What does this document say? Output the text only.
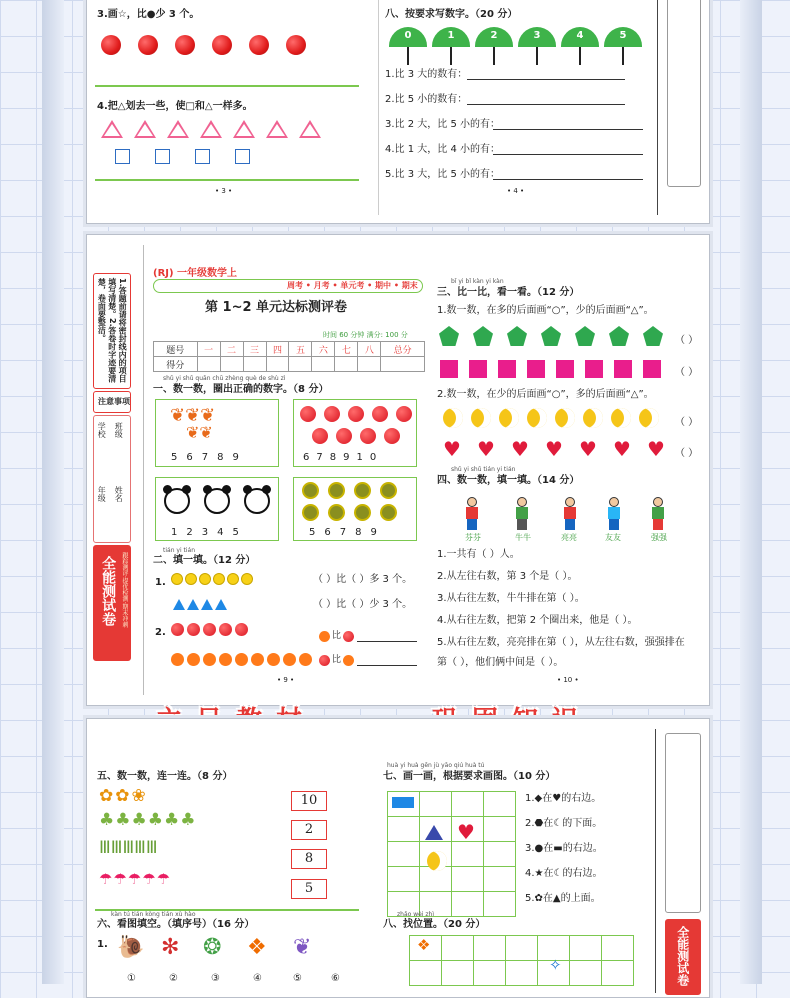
3.画☆，比●少 3 个。
4.把△划去一些，使□和△一样多。
• 3 •
八、按要求写数字。（20 分）
0	1	2	3	4	5
1.比 3 大的数有：
2.比 5 小的数有：
3.比 2 大，比 5 小的有：
4.比 1 大，比 4 小的有：
5.比 3 大，比 5 小的有：
• 4 •
1.答题前请将密封线内的项目填写清楚。2.答卷时字迹要清楚，卷面要整洁。
注意事项
学校 班级
年级 姓名
全能测试卷 跟踪测评·提优检测·期末冲刺
(RJ) 一年级数学上
周考 • 月考 • 单元考 • 期中 • 期末
第 1~2 单元达标测评卷
时间 60 分钟 满分: 100 分
题号	一	二	三	四	五	六	七	八	总分
得分									
shǔ yi shǔ quān chū zhèng què de shù zì
一、数一数，圈出正确的数字。（8 分）
❦❦❦
❦❦
56789	678910
12345	56789
tián yi tián
二、填一填。（12 分）
1.	（ ）比（ ）多 3 个。
（ ）比（ ）少 3 个。
2.	比
比
• 9 •
bǐ yi bǐ kàn yi kàn
三、比一比，看一看。（12 分）
1.数一数，在多的后面画“○”，少的后面画“△”。
（ ）
（ ）
2.数一数，在少的后面画“○”，多的后面画“△”。
（ ）
♥ ♥ ♥ ♥ ♥ ♥ ♥ （ ）
shǔ yi shǔ tián yi tián
四、数一数，填一填。（14 分）
芬芬	牛牛	亮亮	友友	强强
1.一共有（ ）人。
2.从左往右数，第 3 个是（ ）。
3.从右往左数，牛牛排在第（ ）。
4.从右往左数，把第 2 个圈出来，他是（ ）。
5.从右往左数，亮亮排在第（ ），从左往右数，强强排在
第（ ），他们俩中间是（ ）。
• 10 •
五、数一数，连一连。（8 分）
✿✿❀
♣♣♣♣♣♣
ⅢⅢⅢⅢⅢ
☂☂☂☂☂
10
2
8
5
kàn tú tián kòng tián xù hào
六、看图填空。（填序号）（16 分）
1. 🐌 ✻ ❂ ❖ ❦
①	②	③	④	⑤	⑥
huà yi huà gēn jù yāo qiú huà tú
七、画一画，根据要求画图。（10 分）

♥
1.◆在♥的右边。
2.⬣在☾的下面。
3.●在▬的右边。
4.★在☾的右边。
5.✿在▲的上面。
zhǎo wèi zhì
八、找位置。（20 分）

❖
✧	全能测试卷
